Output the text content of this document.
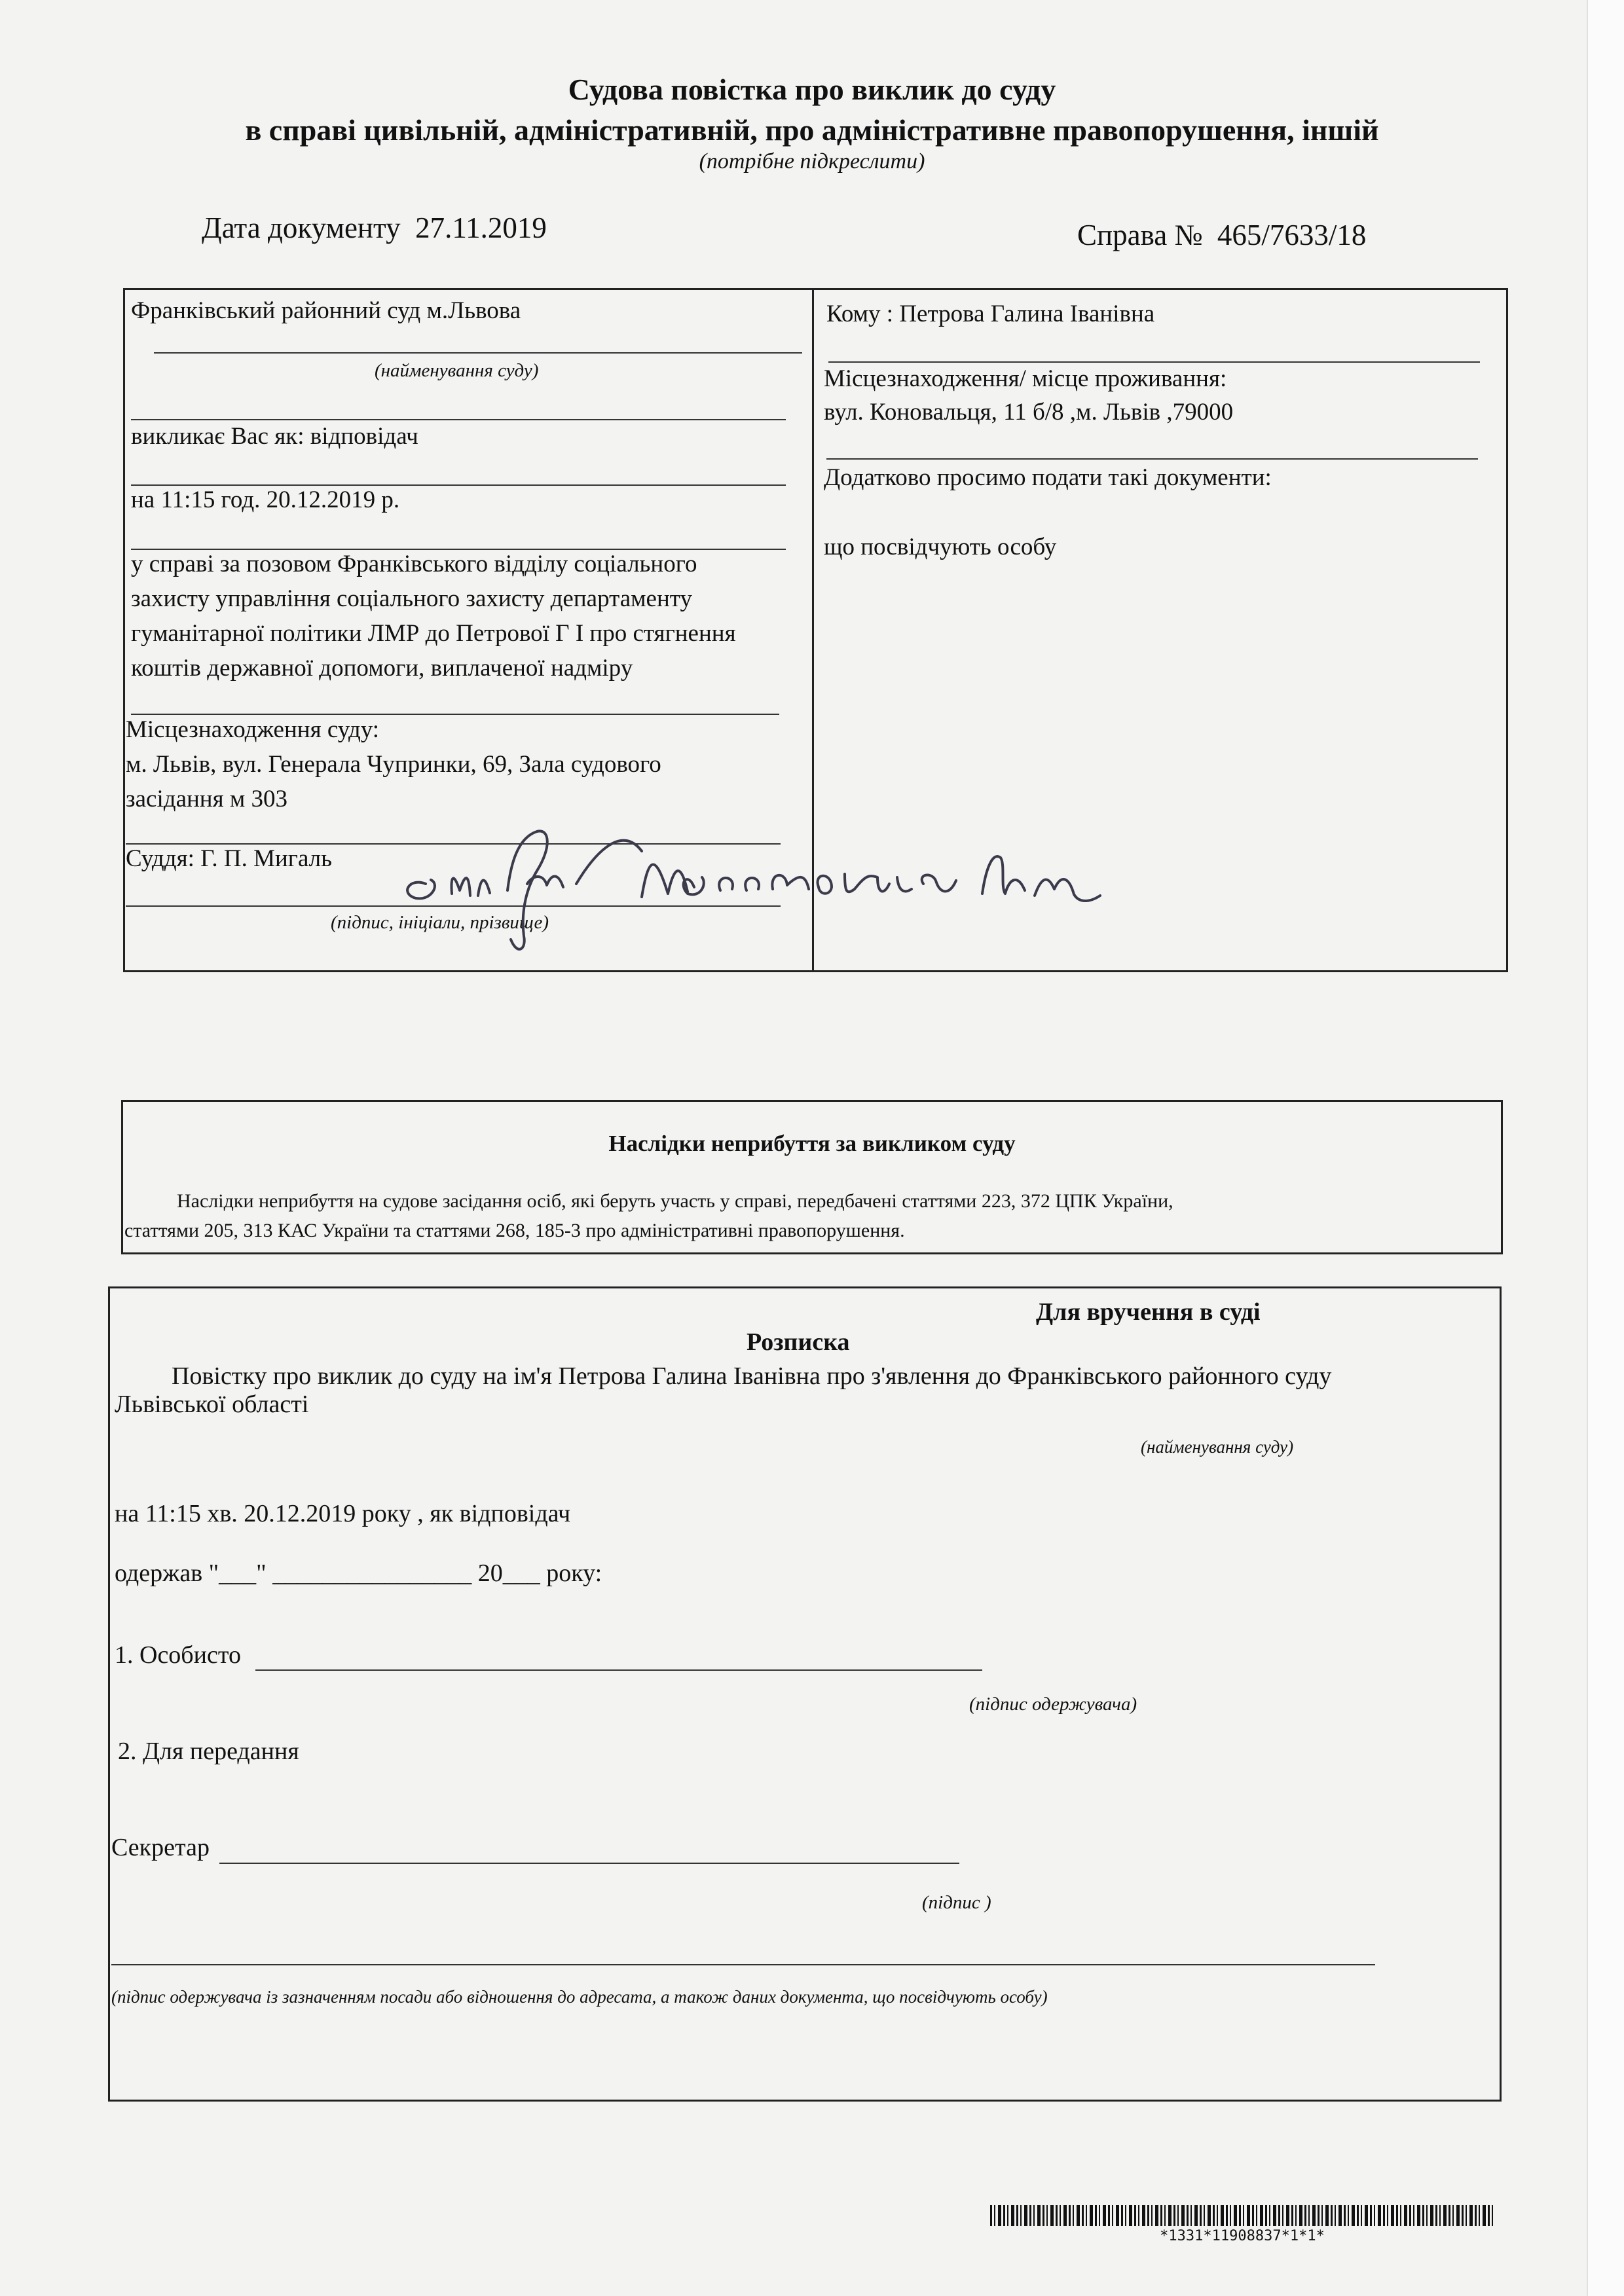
Судова повістка про виклик до суду
в справі цивільній, адміністративній, про адміністративне правопорушення, іншій
(потрібне підкреслити)
Дата документу 27.11.2019	Справа № 465/7633/18
Франківський районний суд м.Львова
(найменування суду)
викликає Вас як: відповідач
на 11:15 год. 20.12.2019 р.
у справі за позовом Франківського відділу соціального
захисту управління соціального захисту департаменту
гуманітарної політики ЛМР до Петрової Г І про стягнення
коштів державної допомоги, виплаченої надміру
Місцезнаходження суду:
м. Львів, вул. Генерала Чупринки, 69, Зала судового
засідання м 303
Суддя: Г. П. Мигаль
(підпис, ініціали, прізвище)
Кому : Петрова Галина Іванівна
Місцезнаходження/ місце проживання:
вул. Коновальця, 11 б/8 ,м. Львів ,79000
Додатково просимо подати такі документи:
що посвідчують особу
Наслідки неприбуття за викликом суду
Наслідки неприбуття на судове засідання осіб, які беруть участь у справі, передбачені статтями 223, 372 ЦПК України,
статтями 205, 313 КАС України та статтями 268, 185-3 про адміністративні правопорушення.
Для вручення в суді
Розписка
Повістку про виклик до суду на ім'я Петрова Галина Іванівна про з'явлення до Франківського районного суду
Львівської області
(найменування суду)
на 11:15 хв. 20.12.2019 року , як відповідач
одержав "___" ________________ 20___ року:
1. Особисто
(підпис одержувача)
2. Для передання
Секретар
(підпис )
(підпис одержувача із зазначенням посади або відношення до адресата, а також даних документа, що посвідчують особу)
*1331*11908837*1*1*
